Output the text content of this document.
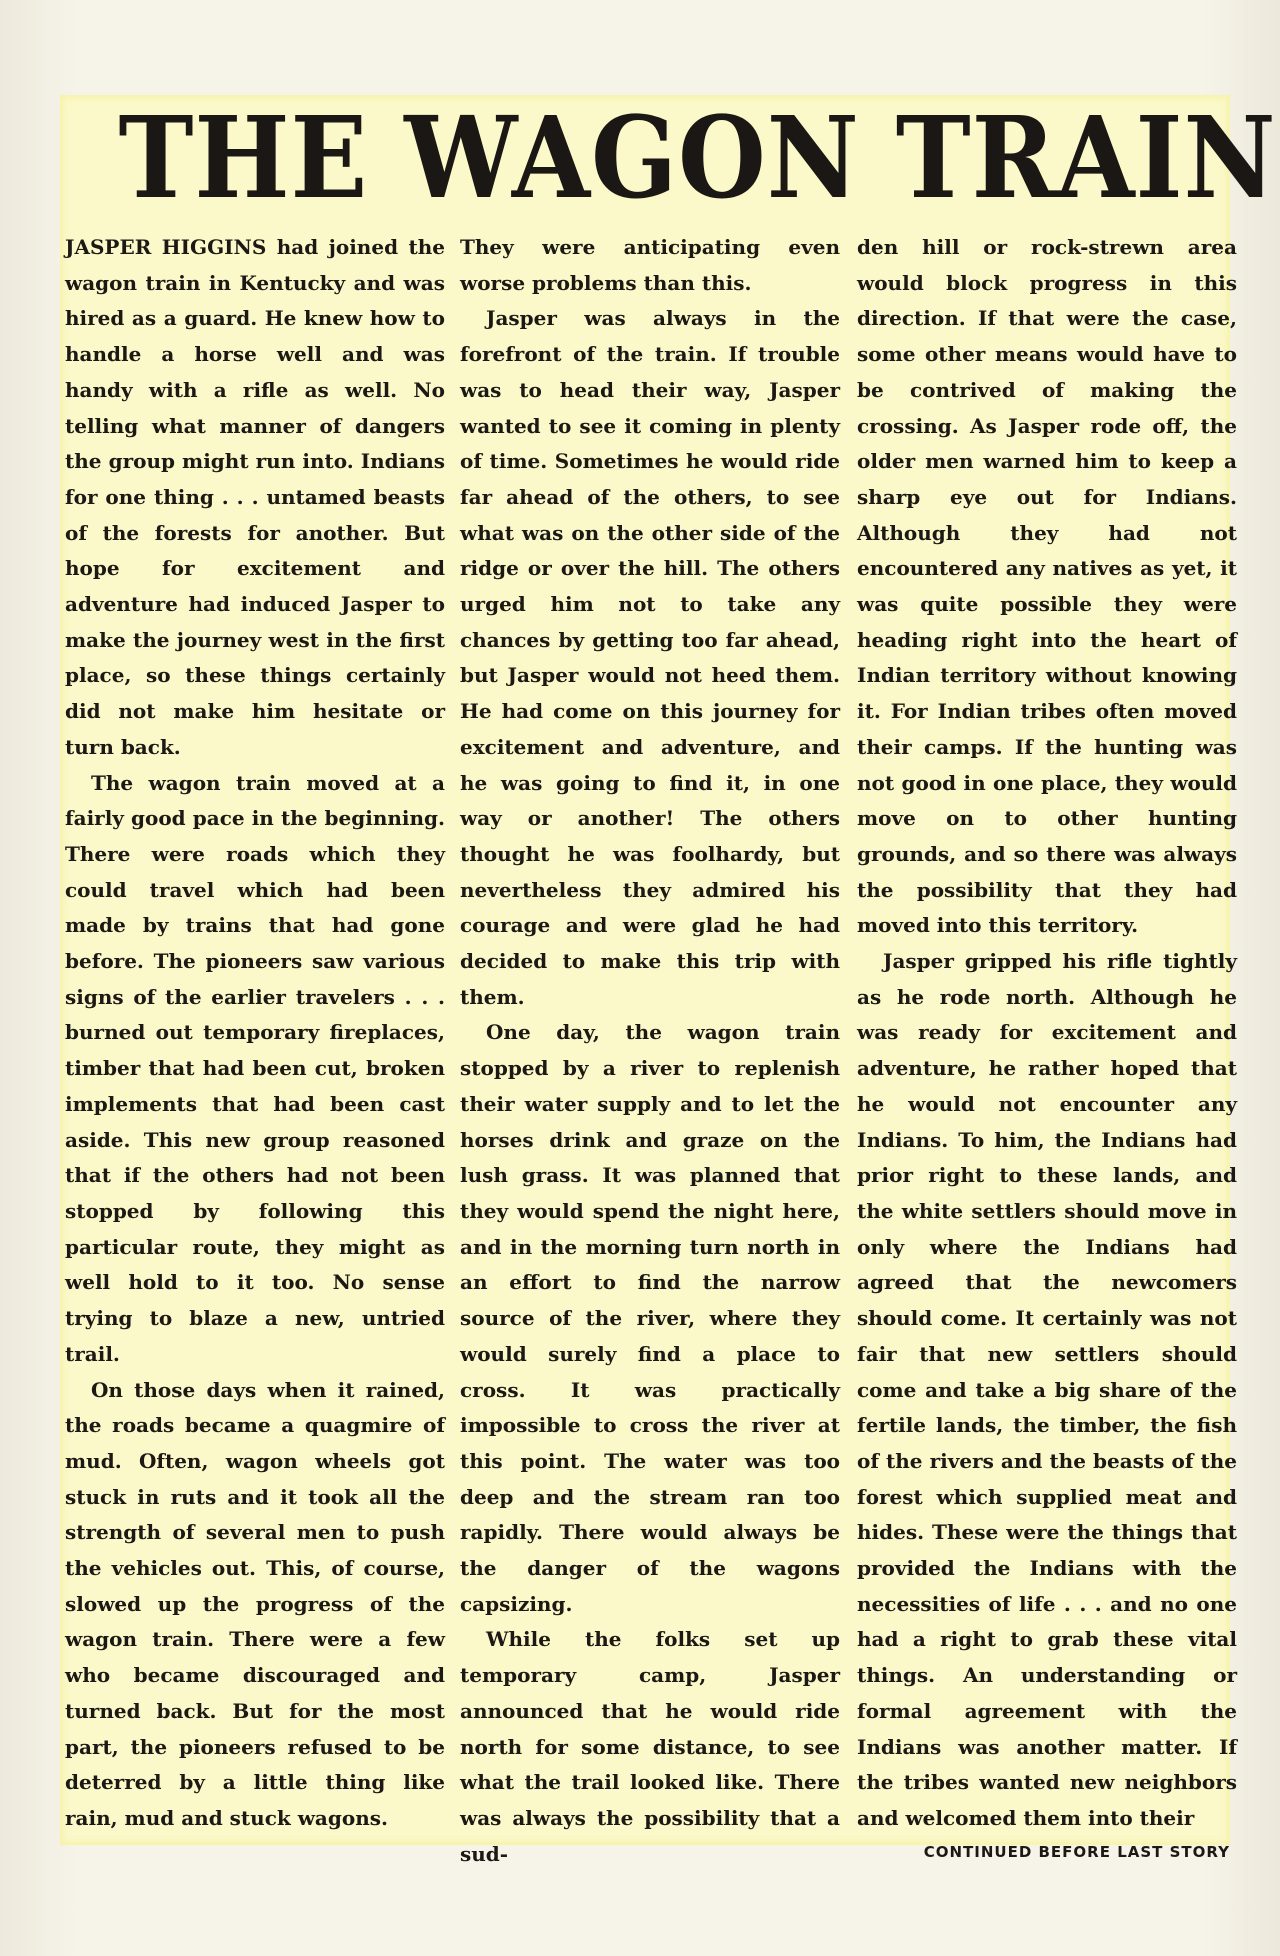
THE WAGON TRAIN

JASPER HIGGINS had joined the wagon train in Kentucky and was hired as a guard. He knew how to handle a horse well and was handy with a rifle as well. No telling what manner of dangers the group might run into. Indians for one thing . . . untamed beasts of the forests for another. But hope for excitement and adventure had induced Jasper to make the journey west in the first place, so these things certainly did not make him hesitate or turn back.

The wagon train moved at a fairly good pace in the beginning. There were roads which they could travel which had been made by trains that had gone before. The pioneers saw various signs of the earlier travelers . . . burned out temporary fireplaces, timber that had been cut, broken implements that had been cast aside. This new group reasoned that if the others had not been stopped by following this particular route, they might as well hold to it too. No sense trying to blaze a new, untried trail.

On those days when it rained, the roads became a quagmire of mud. Often, wagon wheels got stuck in ruts and it took all the strength of several men to push the vehicles out. This, of course, slowed up the progress of the wagon train. There were a few who became discouraged and turned back. But for the most part, the pioneers refused to be deterred by a little thing like rain, mud and stuck wagons.

They were anticipating even worse problems than this.

Jasper was always in the forefront of the train. If trouble was to head their way, Jasper wanted to see it coming in plenty of time. Sometimes he would ride far ahead of the others, to see what was on the other side of the ridge or over the hill. The others urged him not to take any chances by getting too far ahead, but Jasper would not heed them. He had come on this journey for excitement and adventure, and he was going to find it, in one way or another! The others thought he was foolhardy, but nevertheless they admired his courage and were glad he had decided to make this trip with them.

One day, the wagon train stopped by a river to replenish their water supply and to let the horses drink and graze on the lush grass. It was planned that they would spend the night here, and in the morning turn north in an effort to find the narrow source of the river, where they would surely find a place to cross. It was practically impossible to cross the river at this point. The water was too deep and the stream ran too rapidly. There would always be the danger of the wagons capsizing.

While the folks set up temporary camp, Jasper announced that he would ride north for some distance, to see what the trail looked like. There was always the possibility that a sud-

den hill or rock-strewn area would block progress in this direction. If that were the case, some other means would have to be contrived of making the crossing. As Jasper rode off, the older men warned him to keep a sharp eye out for Indians. Although they had not encountered any natives as yet, it was quite possible they were heading right into the heart of Indian territory without knowing it. For Indian tribes often moved their camps. If the hunting was not good in one place, they would move on to other hunting grounds, and so there was always the possibility that they had moved into this territory.

Jasper gripped his rifle tightly as he rode north. Although he was ready for excitement and adventure, he rather hoped that he would not encounter any Indians. To him, the Indians had prior right to these lands, and the white settlers should move in only where the Indians had agreed that the newcomers should come. It certainly was not fair that new settlers should come and take a big share of the fertile lands, the timber, the fish of the rivers and the beasts of the forest which supplied meat and hides. These were the things that provided the Indians with the necessities of life . . . and no one had a right to grab these vital things. An understanding or formal agreement with the Indians was another matter. If the tribes wanted new neighbors and welcomed them into their

CONTINUED BEFORE LAST STORY
